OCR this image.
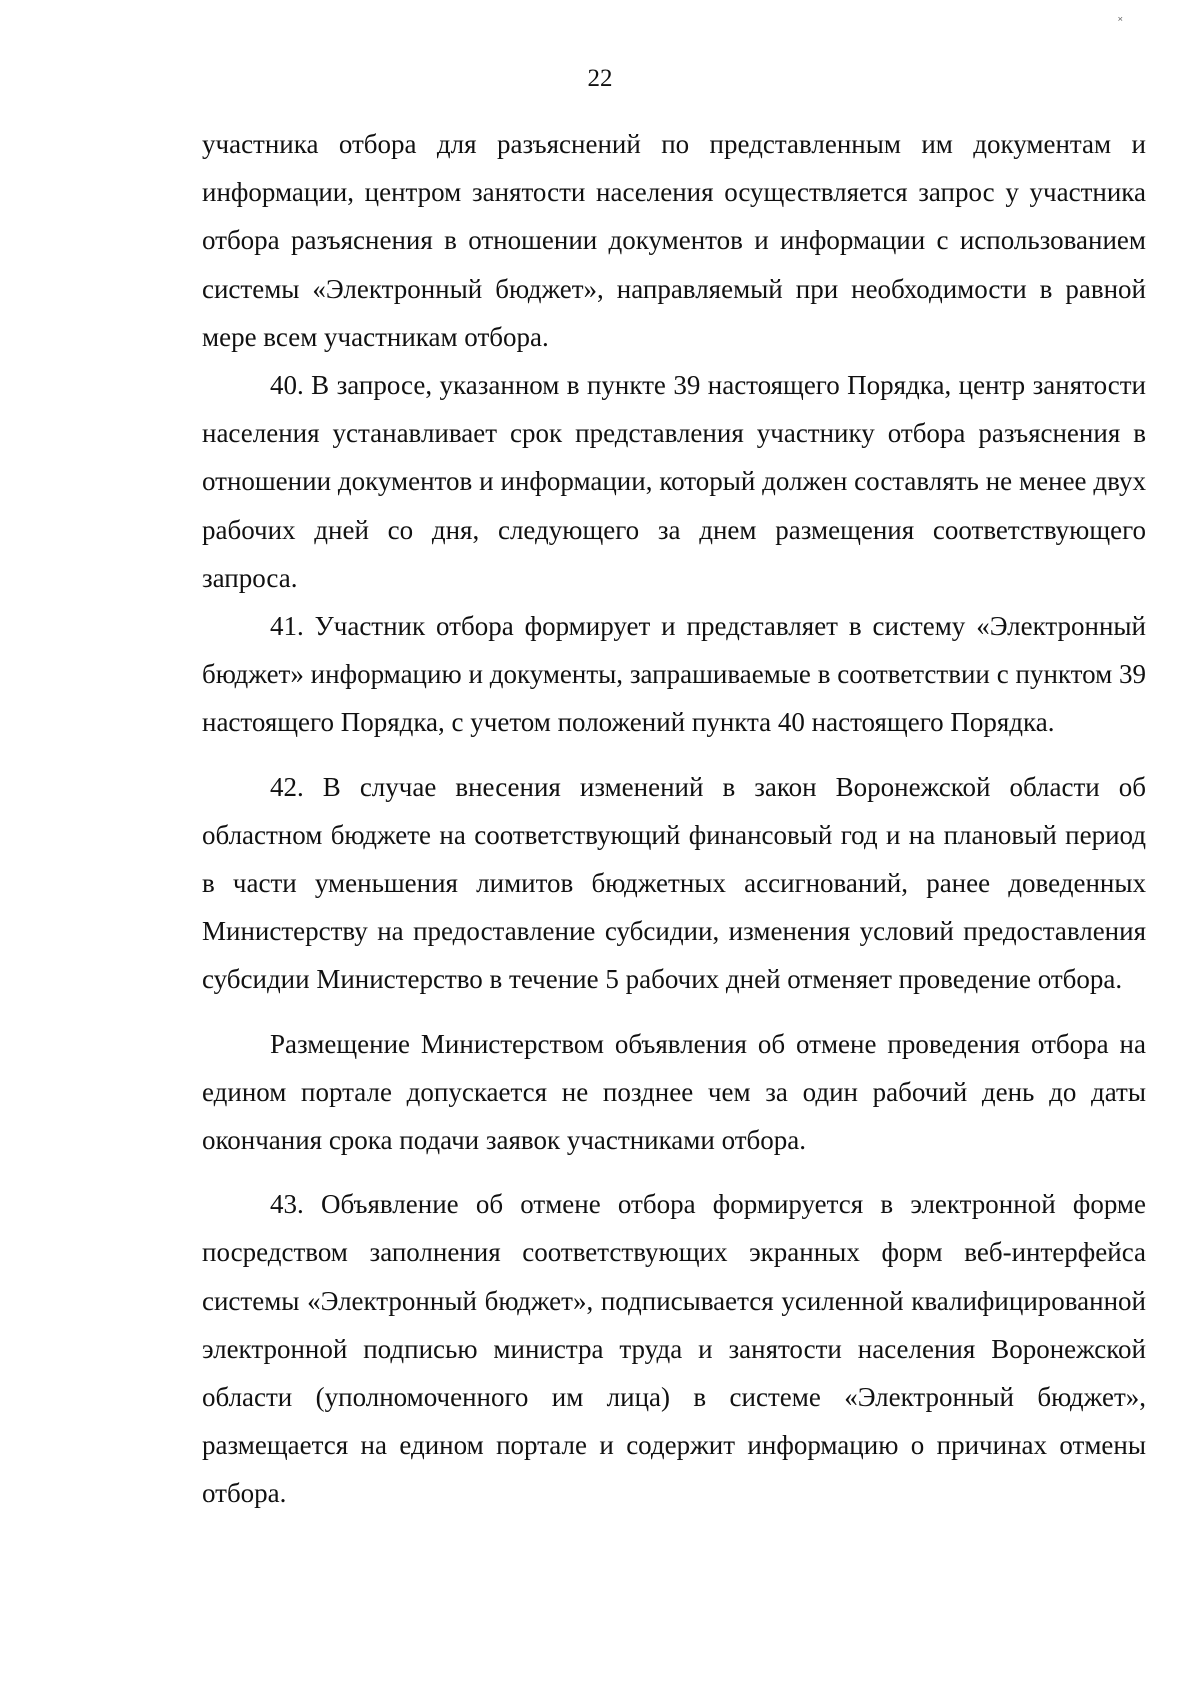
˟
22

участника отбора для разъяснений по представленным им документам и информации, центром занятости населения осуществляется запрос у участника отбора разъяснения в отношении документов и информации с использованием системы «Электронный бюджет», направляемый при необходимости в равной мере всем участникам отбора.

40. В запросе, указанном в пункте 39 настоящего Порядка, центр занятости населения устанавливает срок представления участнику отбора разъяснения в отношении документов и информации, который должен составлять не менее двух рабочих дней со дня, следующего за днем размещения соответствующего запроса.

41. Участник отбора формирует и представляет в систему «Электронный бюджет» информацию и документы, запрашиваемые в соответствии с пунктом 39 настоящего Порядка, с учетом положений пункта 40 настоящего Порядка.

42. В случае внесения изменений в закон Воронежской области об областном бюджете на соответствующий финансовый год и на плановый период в части уменьшения лимитов бюджетных ассигнований, ранее доведенных Министерству на предоставление субсидии, изменения условий предоставления субсидии Министерство в течение 5 рабочих дней отменяет проведение отбора.

Размещение Министерством объявления об отмене проведения отбора на едином портале допускается не позднее чем за один рабочий день до даты окончания срока подачи заявок участниками отбора.

43. Объявление об отмене отбора формируется в электронной форме посредством заполнения соответствующих экранных форм веб-интерфейса системы «Электронный бюджет», подписывается усиленной квалифицированной электронной подписью министра труда и занятости населения Воронежской области (уполномоченного им лица) в системе «Электронный бюджет», размещается на едином портале и содержит информацию о причинах отмены отбора.
